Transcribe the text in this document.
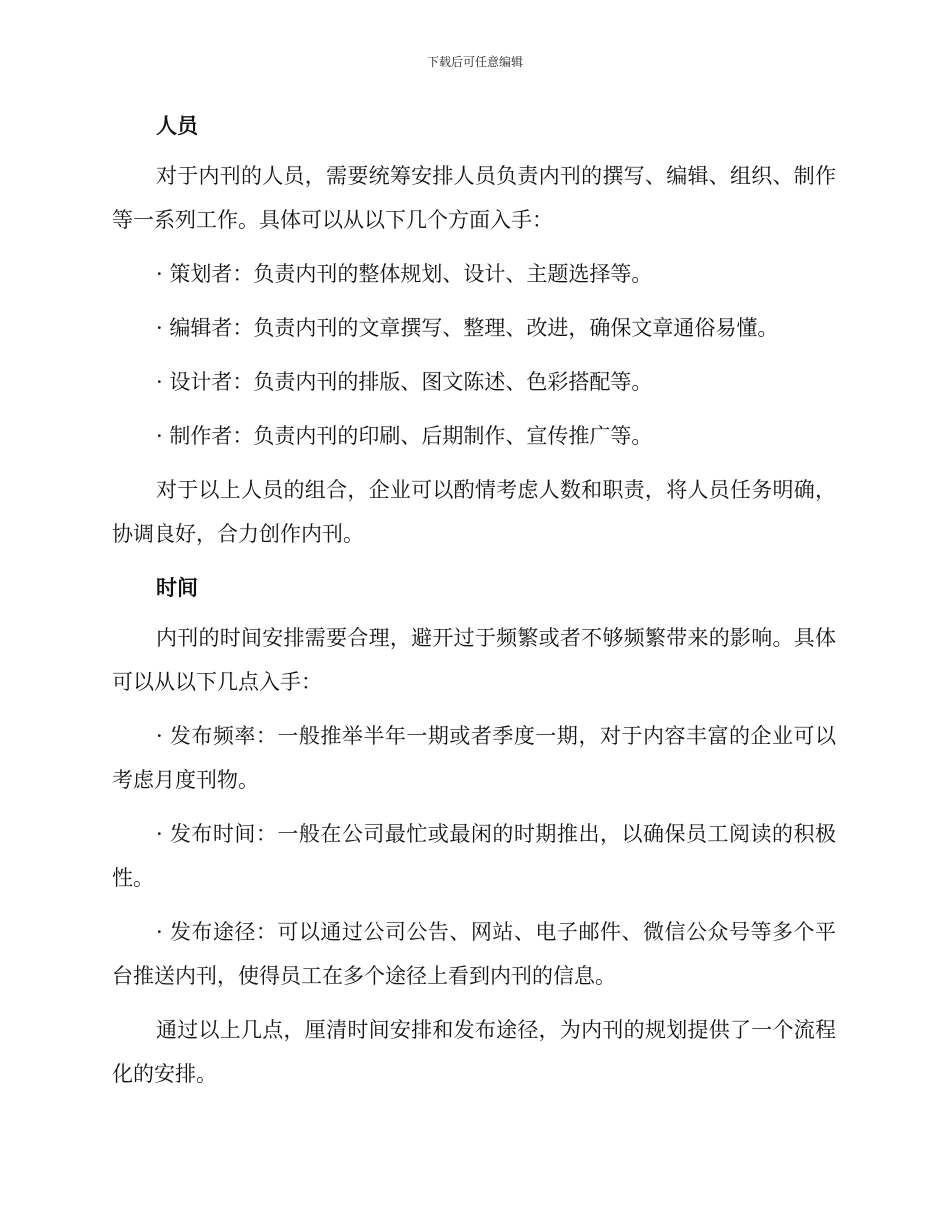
下载后可任意编辑
人员

对于内刊的人员，需要统筹安排人员负责内刊的撰写、编辑、组织、制作等一系列工作。具体可以从以下几个方面入手：

· 策划者：负责内刊的整体规划、设计、主题选择等。

· 编辑者：负责内刊的文章撰写、整理、改进，确保文章通俗易懂。

· 设计者：负责内刊的排版、图文陈述、色彩搭配等。

· 制作者：负责内刊的印刷、后期制作、宣传推广等。

对于以上人员的组合，企业可以酌情考虑人数和职责，将人员任务明确，协调良好，合力创作内刊。

时间

内刊的时间安排需要合理，避开过于频繁或者不够频繁带来的影响。具体可以从以下几点入手：

· 发布频率：一般推举半年一期或者季度一期，对于内容丰富的企业可以考虑月度刊物。

· 发布时间：一般在公司最忙或最闲的时期推出，以确保员工阅读的积极性。

· 发布途径：可以通过公司公告、网站、电子邮件、微信公众号等多个平台推送内刊，使得员工在多个途径上看到内刊的信息。

通过以上几点，厘清时间安排和发布途径，为内刊的规划提供了一个流程化的安排。
